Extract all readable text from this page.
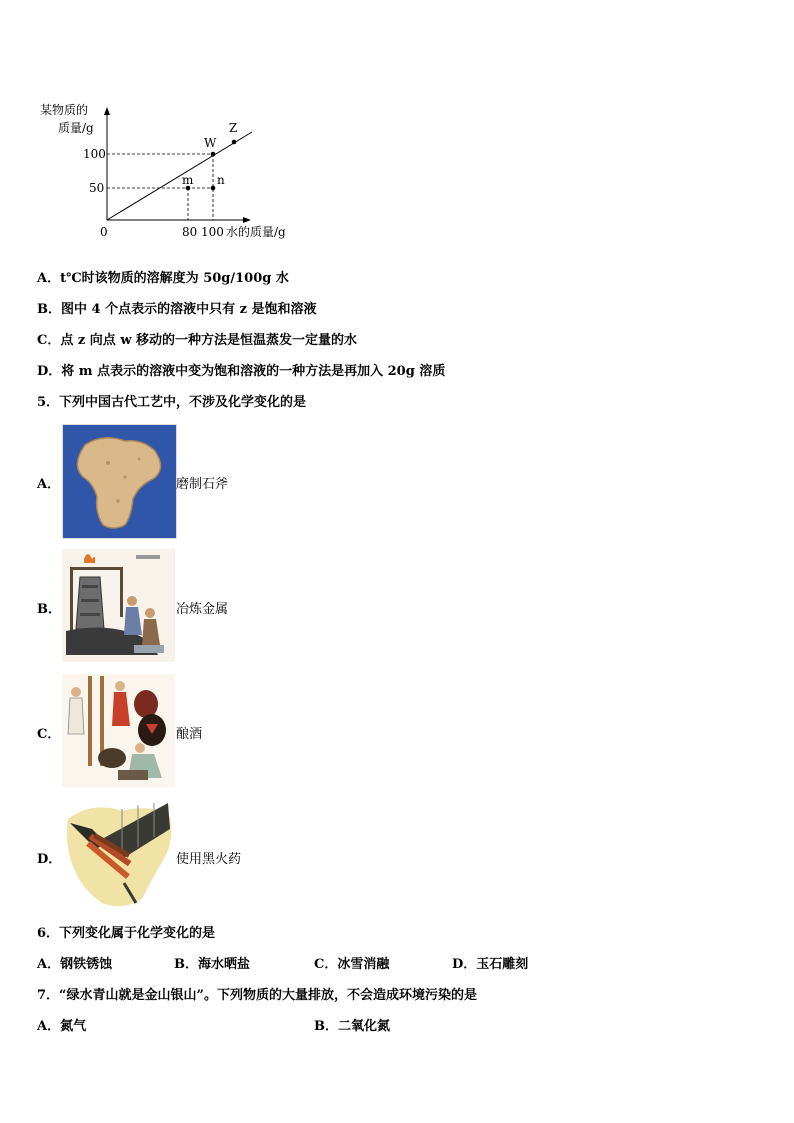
某物质的
质量/g
100
50
0	80 100 水的质量/g
W
Z
m n
A．t℃时该物质的溶解度为 50g/100g 水
B．图中 4 个点表示的溶液中只有 z 是饱和溶液
C．点 z 向点 w 移动的一种方法是恒温蒸发一定量的水
D．将 m 点表示的溶液中变为饱和溶液的一种方法是再加入 20g 溶质
5．下列中国古代工艺中，不涉及化学变化的是
A．	磨制石斧
B．	冶炼金属
C．	酿酒
D．	使用黑火药
6．下列变化属于化学变化的是
A．钢铁锈蚀	B．海水晒盐	C．冰雪消融	D．玉石雕刻
7．“绿水青山就是金山银山”。下列物质的大量排放，不会造成环境污染的是
A．氮气	B．二氧化氮
